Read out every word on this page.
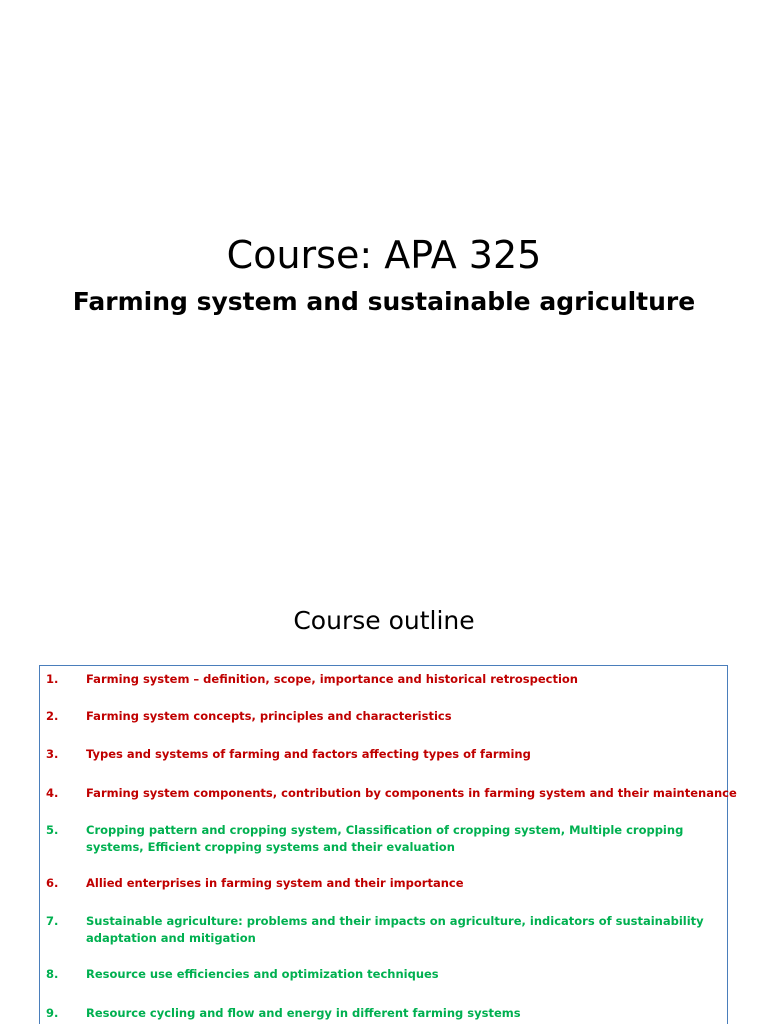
Course: APA 325
Farming system and sustainable agriculture
Course outline
1.	Farming system – definition, scope, importance and historical retrospection
2.	Farming system concepts, principles and characteristics
3.	Types and systems of farming and factors affecting types of farming
4.	Farming system components, contribution by components in farming system and their maintenance
5.	Cropping pattern and cropping system, Classification of cropping system, Multiple cropping systems, Efficient cropping systems and their evaluation
6.	Allied enterprises in farming system and their importance
7.	Sustainable agriculture: problems and their impacts on agriculture, indicators of sustainability adaptation and mitigation
8.	Resource use efficiencies and optimization techniques
9.	Resource cycling and flow and energy in different farming systems
